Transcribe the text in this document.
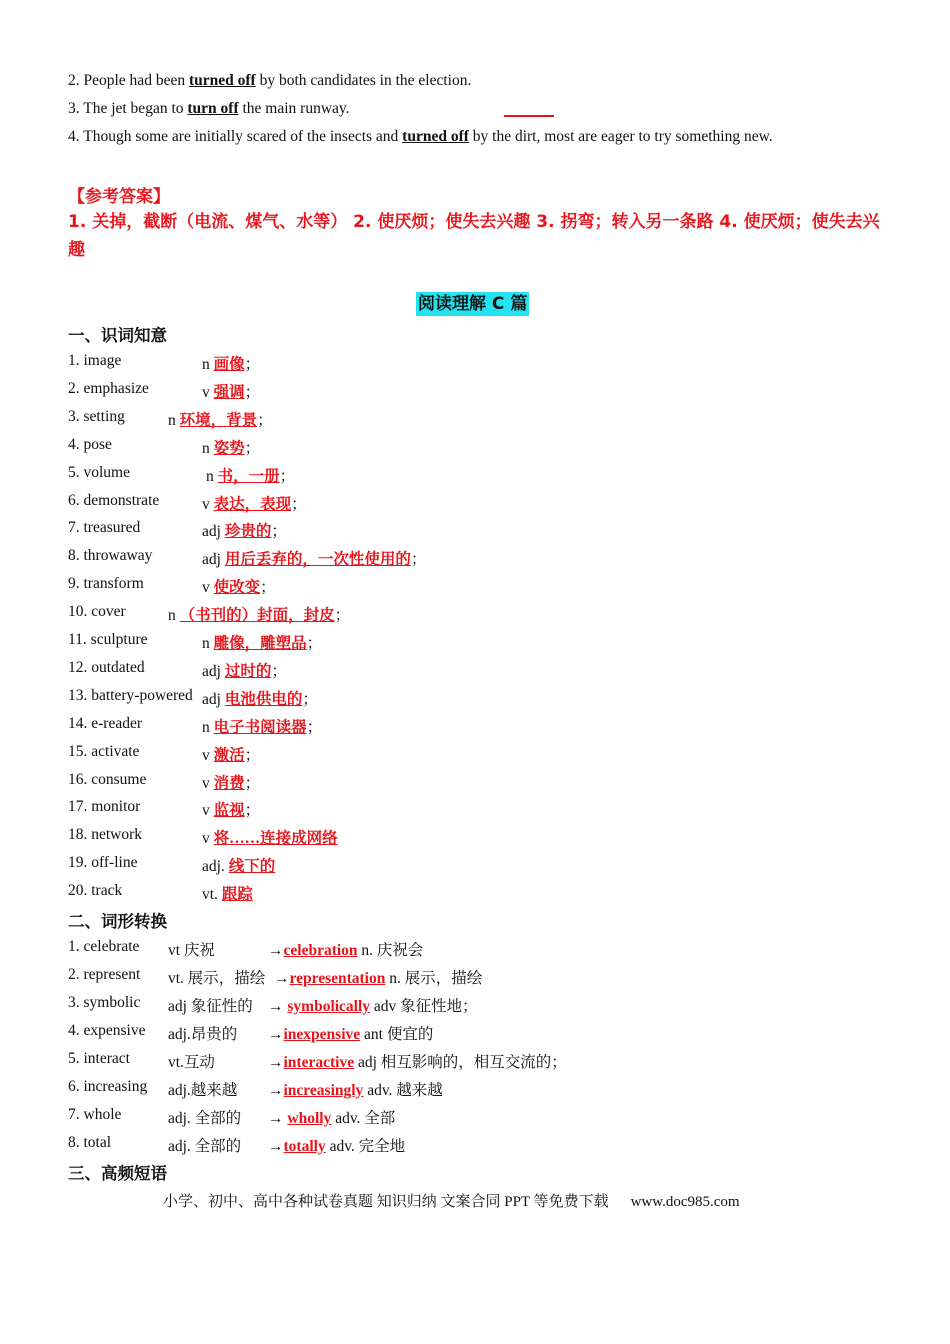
2. People had been turned off by both candidates in the election.
3. The jet began to turn off the main runway.
4. Though some are initially scared of the insects and turned off by the dirt, most are eager to try something new.
【参考答案】
1. 关掉，截断（电流、煤气、水等） 2. 使厌烦；使失去兴趣 3. 拐弯；转入另一条路 4. 使厌烦；使失去兴趣
阅读理解 C 篇
一、识词知意
1. image	n 画像；
2. emphasize	v 强调；
3. setting	n 环境，背景；
4. pose	n 姿势；
5. volume	n 书，一册；
6. demonstrate	v 表达，表现；
7. treasured	adj 珍贵的；
8. throwaway	adj 用后丢弃的，一次性使用的；
9. transform	v 使改变；
10. cover	n （书刊的）封面，封皮；
11. sculpture	n 雕像，雕塑品；
12. outdated	adj 过时的；
13. battery-powered adj 电池供电的；
14. e-reader	n 电子书阅读器；
15. activate	v 激活；
16. consume	v 消费；
17. monitor	v 监视；
18. network	v 将……连接成网络
19. off-line	adj. 线下的
20. track	vt. 跟踪
二、词形转换
1. celebrate vt 庆祝	→celebration n. 庆祝会
2. represent vt. 展示，描绘 →representation n. 展示，描绘
3. symbolic adj 象征性的 → symbolically adv 象征性地；
4. expensive adj.昂贵的 →inexpensive ant 便宜的
5. interact vt.互动	→interactive adj 相互影响的，相互交流的；
6. increasing adj.越来越 →increasingly adv. 越来越
7. whole	adj. 全部的 → wholly adv. 全部
8. total	adj. 全部的 →totally adv. 完全地
三、高频短语
小学、初中、高中各种试卷真题 知识归纳 文案合同 PPT 等免费下载 www.doc985.com
